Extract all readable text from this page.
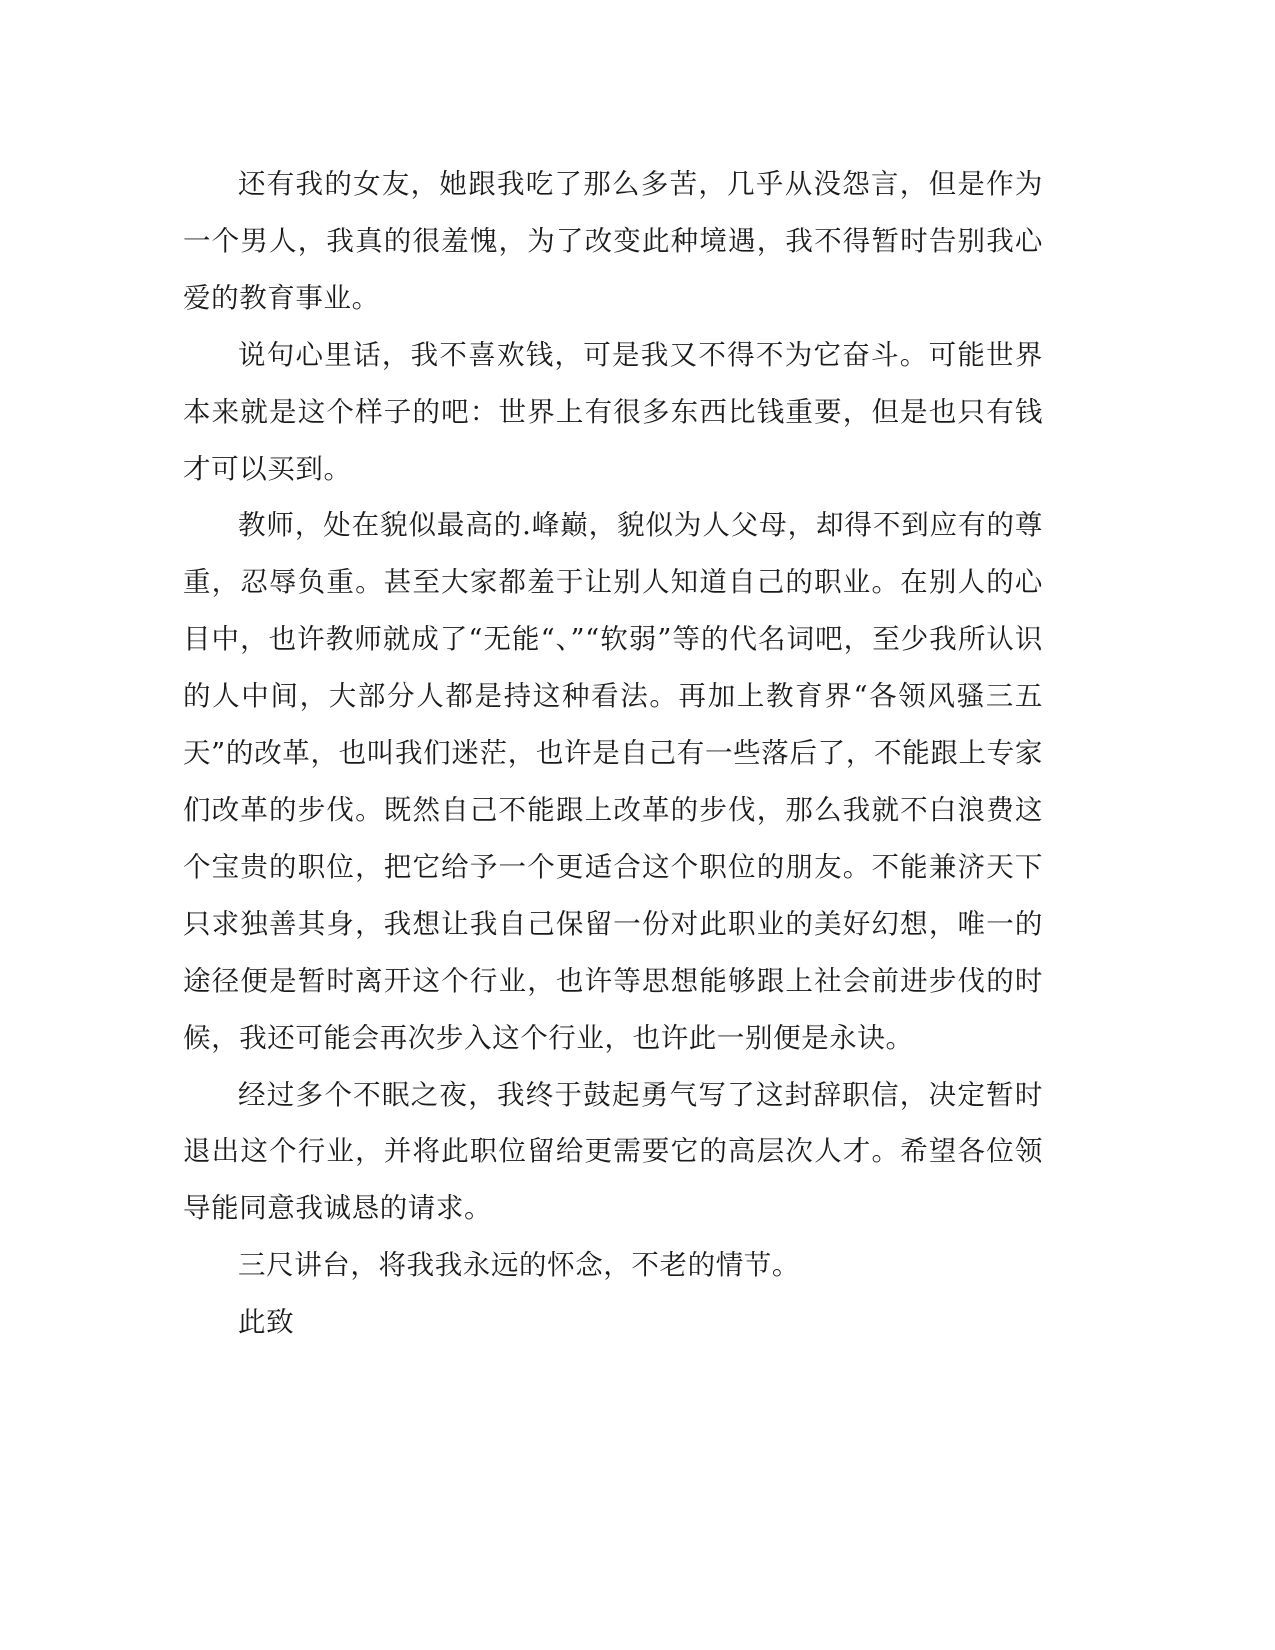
还有我的女友，她跟我吃了那么多苦，几乎从没怨言，但是作为一个男人，我真的很羞愧，为了改变此种境遇，我不得暂时告别我心爱的教育事业。

说句心里话，我不喜欢钱，可是我又不得不为它奋斗。可能世界本来就是这个样子的吧：世界上有很多东西比钱重要，但是也只有钱才可以买到。

教师，处在貌似最高的.峰巅，貌似为人父母，却得不到应有的尊重，忍辱负重。甚至大家都羞于让别人知道自己的职业。在别人的心目中，也许教师就成了“无能“、”“软弱”等的代名词吧，至少我所认识的人中间，大部分人都是持这种看法。再加上教育界“各领风骚三五天”的改革，也叫我们迷茫，也许是自己有一些落后了，不能跟上专家们改革的步伐。既然自己不能跟上改革的步伐，那么我就不白浪费这个宝贵的职位，把它给予一个更适合这个职位的朋友。不能兼济天下只求独善其身，我想让我自己保留一份对此职业的美好幻想，唯一的途径便是暂时离开这个行业，也许等思想能够跟上社会前进步伐的时候，我还可能会再次步入这个行业，也许此一别便是永诀。

经过多个不眠之夜，我终于鼓起勇气写了这封辞职信，决定暂时退出这个行业，并将此职位留给更需要它的高层次人才。希望各位领导能同意我诚恳的请求。

三尺讲台，将我我永远的怀念，不老的情节。

此致
